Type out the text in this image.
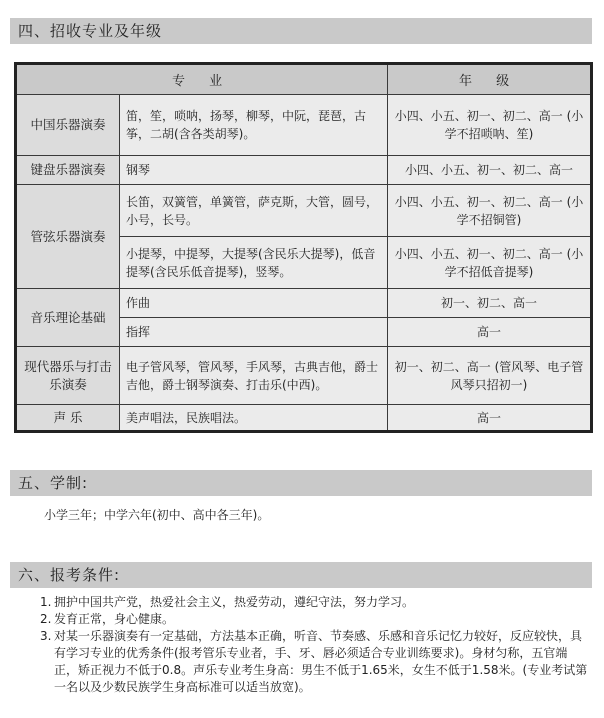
四、招收专业及年级
专 业		年 级
中国乐器演奏	笛，笙，唢呐，扬琴，柳琴，中阮，琵琶，古筝，二胡(含各类胡琴)。	小四、小五、初一、初二、高一 (小学不招唢呐、笙)
键盘乐器演奏	钢琴	小四、小五、初一、初二、高一
管弦乐器演奏	长笛，双簧管，单簧管，萨克斯，大管，圆号，小号，长号。	小四、小五、初一、初二、高一 (小学不招铜管)
	小提琴，中提琴，大提琴(含民乐大提琴)，低音提琴(含民乐低音提琴)，竖琴。	小四、小五、初一、初二、高一 (小学不招低音提琴)
音乐理论基础	作曲	初一、初二、高一
	指挥	高一
现代器乐与打击乐演奏	电子管风琴，管风琴，手风琴，古典吉他，爵士吉他，爵士钢琴演奏、打击乐(中西)。	初一、初二、高一 (管风琴、电子管风琴只招初一)
声 乐	美声唱法，民族唱法。	高一
五、学制:
小学三年；中学六年(初中、高中各三年)。
六、报考条件:
1. 拥护中国共产党，热爱社会主义，热爱劳动，遵纪守法，努力学习。
2. 发育正常，身心健康。
3. 对某一乐器演奏有一定基础，方法基本正确，听音、节奏感、乐感和音乐记忆力较好，反应较快，具有学习专业的优秀条件(报考管乐专业者，手、牙、唇必须适合专业训练要求)。身材匀称，五官端正，矫正视力不低于0.8。声乐专业考生身高：男生不低于1.65米，女生不低于1.58米。(专业考试第一名以及少数民族学生身高标准可以适当放宽)。
